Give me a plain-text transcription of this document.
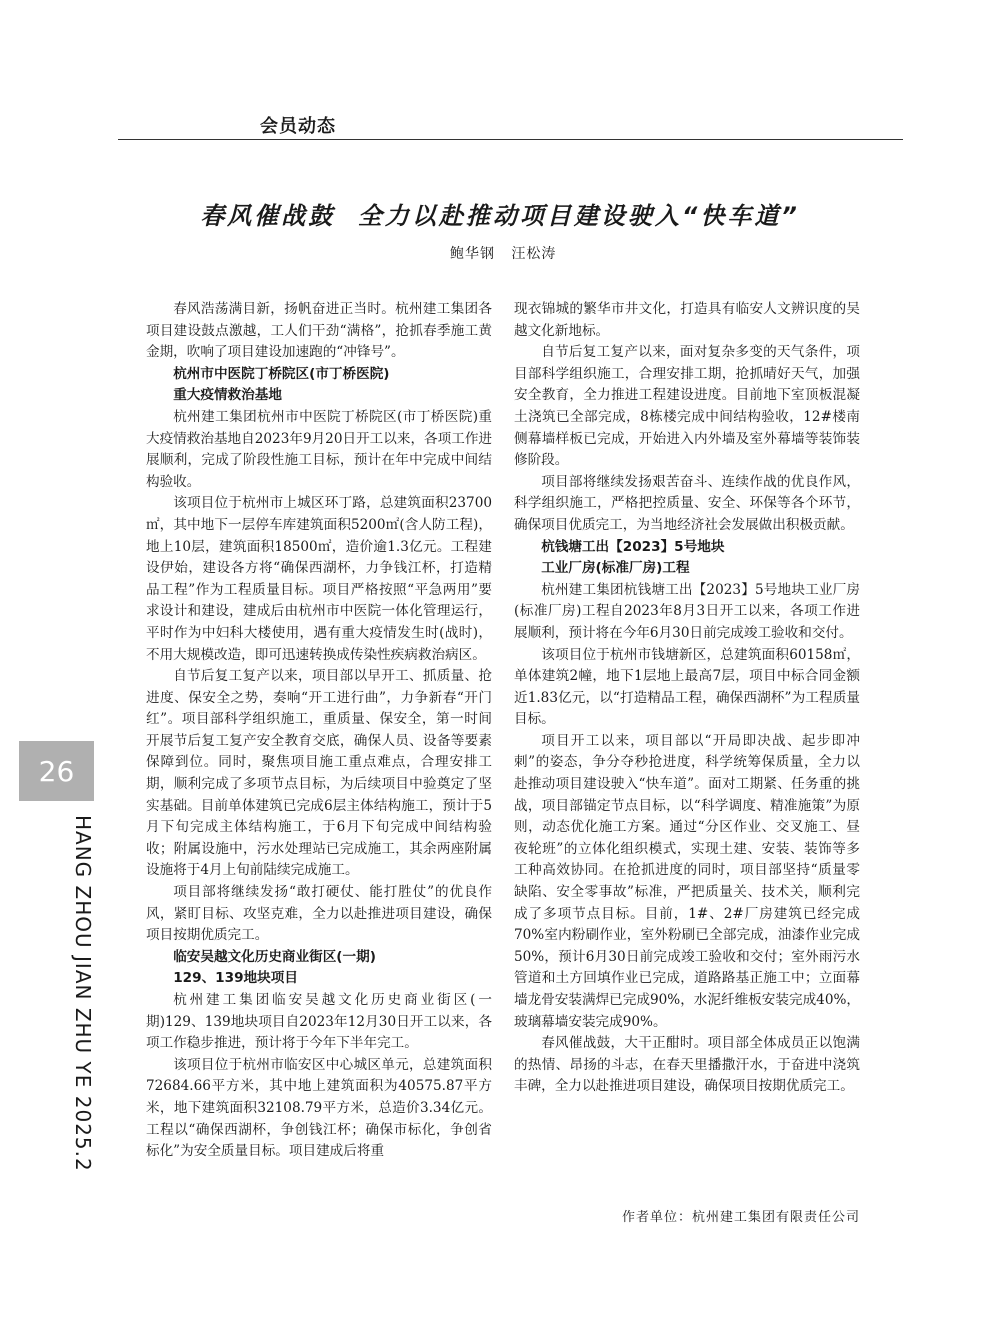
会员动态
春风催战鼓  全力以赴推动项目建设驶入“快车道”
鲍华钢   汪松涛

春风浩荡满目新，扬帆奋进正当时。杭州建工集团各项目建设鼓点激越，工人们干劲“满格”，抢抓春季施工黄金期，吹响了项目建设加速跑的“冲锋号”。

杭州市中医院丁桥院区(市丁桥医院)
重大疫情救治基地

杭州建工集团杭州市中医院丁桥院区(市丁桥医院)重大疫情救治基地自2023年9月20日开工以来，各项工作进展顺利，完成了阶段性施工目标，预计在年中完成中间结构验收。

该项目位于杭州市上城区环丁路，总建筑面积23700㎡，其中地下一层停车库建筑面积5200㎡(含人防工程)，地上10层，建筑面积18500㎡，造价逾1.3亿元。工程建设伊始，建设各方将“确保西湖杯，力争钱江杯，打造精品工程”作为工程质量目标。项目严格按照“平急两用”要求设计和建设，建成后由杭州市中医院一体化管理运行，平时作为中妇科大楼使用，遇有重大疫情发生时(战时)，不用大规模改造，即可迅速转换成传染性疾病救治病区。

自节后复工复产以来，项目部以早开工、抓质量、抢进度、保安全之势，奏响“开工进行曲”，力争新春“开门红”。项目部科学组织施工，重质量、保安全，第一时间开展节后复工复产安全教育交底，确保人员、设备等要素保障到位。同时，聚焦项目施工重点难点，合理安排工期，顺利完成了多项节点目标，为后续项目中验奠定了坚实基础。目前单体建筑已完成6层主体结构施工，预计于5月下旬完成主体结构施工，于6月下旬完成中间结构验收；附属设施中，污水处理站已完成施工，其余两座附属设施将于4月上旬前陆续完成施工。

项目部将继续发扬“敢打硬仗、能打胜仗”的优良作风，紧盯目标、攻坚克难，全力以赴推进项目建设，确保项目按期优质完工。

临安吴越文化历史商业街区(一期)
129、139地块项目

杭州建工集团临安吴越文化历史商业街区(一期)129、139地块项目自2023年12月30日开工以来，各项工作稳步推进，预计将于今年下半年完工。

该项目位于杭州市临安区中心城区单元，总建筑面积72684.66平方米，其中地上建筑面积为40575.87平方米，地下建筑面积32108.79平方米，总造价3.34亿元。工程以“确保西湖杯，争创钱江杯；确保市标化，争创省标化”为安全质量目标。项目建成后将重

现衣锦城的繁华市井文化，打造具有临安人文辨识度的吴越文化新地标。

自节后复工复产以来，面对复杂多变的天气条件，项目部科学组织施工，合理安排工期，抢抓晴好天气，加强安全教育，全力推进工程建设进度。目前地下室顶板混凝土浇筑已全部完成，8栋楼完成中间结构验收，12#楼南侧幕墙样板已完成，开始进入内外墙及室外幕墙等装饰装修阶段。

项目部将继续发扬艰苦奋斗、连续作战的优良作风，科学组织施工，严格把控质量、安全、环保等各个环节，确保项目优质完工，为当地经济社会发展做出积极贡献。

杭钱塘工出【2023】5号地块
工业厂房(标准厂房)工程

杭州建工集团杭钱塘工出【2023】5号地块工业厂房(标准厂房)工程自2023年8月3日开工以来，各项工作进展顺利，预计将在今年6月30日前完成竣工验收和交付。

该项目位于杭州市钱塘新区，总建筑面积60158㎡，单体建筑2幢，地下1层地上最高7层，项目中标合同金额近1.83亿元，以“打造精品工程，确保西湖杯”为工程质量目标。

项目开工以来，项目部以“开局即决战、起步即冲刺”的姿态，争分夺秒抢进度，科学统筹保质量，全力以赴推动项目建设驶入“快车道”。面对工期紧、任务重的挑战，项目部锚定节点目标，以“科学调度、精准施策”为原则，动态优化施工方案。通过“分区作业、交叉施工、昼夜轮班”的立体化组织模式，实现土建、安装、装饰等多工种高效协同。在抢抓进度的同时，项目部坚持“质量零缺陷、安全零事故”标准，严把质量关、技术关，顺利完成了多项节点目标。目前，1#、2#厂房建筑已经完成70%室内粉刷作业，室外粉刷已全部完成，油漆作业完成50%，预计6月30日前完成竣工验收和交付；室外雨污水管道和土方回填作业已完成，道路路基正施工中；立面幕墙龙骨安装满焊已完成90%，水泥纤维板安装完成40%，玻璃幕墙安装完成90%。

春风催战鼓，大干正酣时。项目部全体成员正以饱满的热情、昂扬的斗志，在春天里播撒汗水，于奋进中浇筑丰碑，全力以赴推进项目建设，确保项目按期优质完工。

作者单位：杭州建工集团有限责任公司
26
HANG ZHOU JIAN ZHU YE 2025.2
